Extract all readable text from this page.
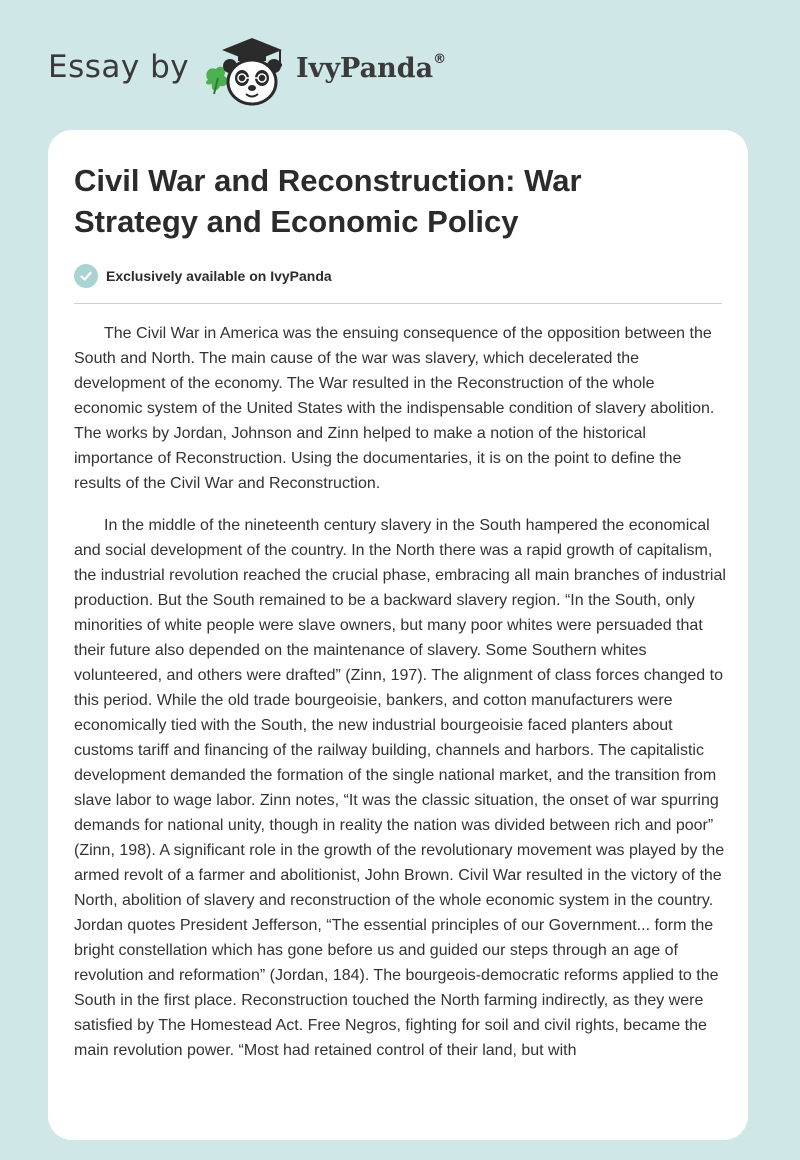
Essay by	IvyPanda®
Civil War and Reconstruction: War Strategy and Economic Policy
Exclusively available on IvyPanda

The Civil War in America was the ensuing consequence of the opposition between the South and North. The main cause of the war was slavery, which decelerated the development of the economy. The War resulted in the Reconstruction of the whole economic system of the United States with the indispensable condition of slavery abolition. The works by Jordan, Johnson and Zinn helped to make a notion of the historical importance of Reconstruction. Using the documentaries, it is on the point to define the results of the Civil War and Reconstruction.

In the middle of the nineteenth century slavery in the South hampered the economical and social development of the country. In the North there was a rapid growth of capitalism, the industrial revolution reached the crucial phase, embracing all main branches of industrial production. But the South remained to be a backward slavery region. “In the South, only minorities of white people were slave owners, but many poor whites were persuaded that their future also depended on the maintenance of slavery. Some Southern whites volunteered, and others were drafted” (Zinn, 197). The alignment of class forces changed to this period. While the old trade bourgeoisie, bankers, and cotton manufacturers were economically tied with the South, the new industrial bourgeoisie faced planters about customs tariff and financing of the railway building, channels and harbors. The capitalistic development demanded the formation of the single national market, and the transition from slave labor to wage labor. Zinn notes, “It was the classic situation, the onset of war spurring demands for national unity, though in reality the nation was divided between rich and poor” (Zinn, 198). A significant role in the growth of the revolutionary movement was played by the armed revolt of a farmer and abolitionist, John Brown. Civil War resulted in the victory of the North, abolition of slavery and reconstruction of the whole economic system in the country. Jordan quotes President Jefferson, “The essential principles of our Government... form the bright constellation which has gone before us and guided our steps through an age of revolution and reformation” (Jordan, 184). The bourgeois-democratic reforms applied to the South in the first place. Reconstruction touched the North farming indirectly, as they were satisfied by The Homestead Act. Free Negros, fighting for soil and civil rights, became the main revolution power. “Most had retained control of their land, but with
